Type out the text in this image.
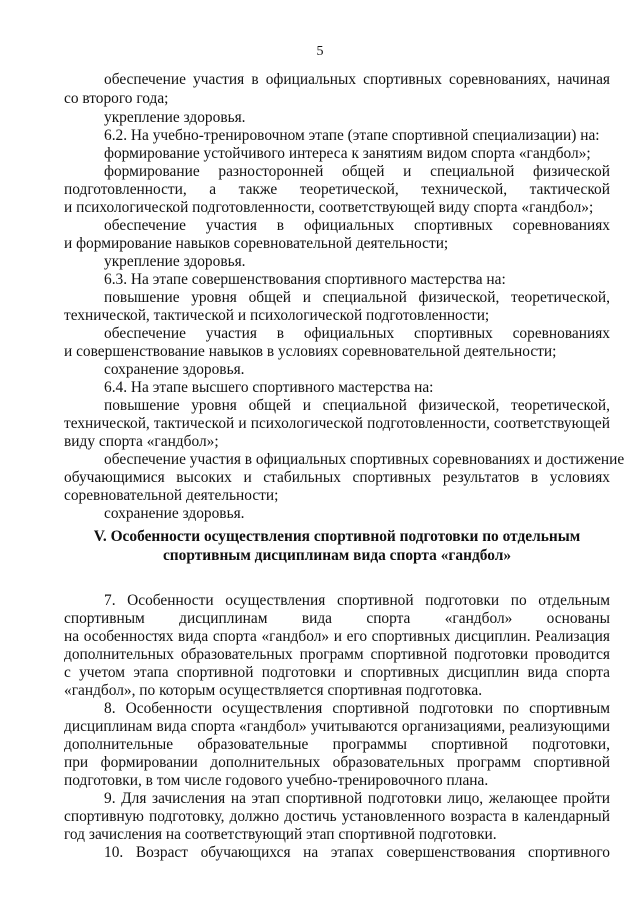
5
обеспечение участия в официальных спортивных соревнованиях, начиная
со второго года;
укрепление здоровья.
6.2. На учебно-тренировочном этапе (этапе спортивной специализации) на:
формирование устойчивого интереса к занятиям видом спорта «гандбол»;
формирование разносторонней общей и специальной физической
подготовленности, а также теоретической, технической, тактической
и психологической подготовленности, соответствующей виду спорта «гандбол»;
обеспечение участия в официальных спортивных соревнованиях
и формирование навыков соревновательной деятельности;
укрепление здоровья.
6.3. На этапе совершенствования спортивного мастерства на:
повышение уровня общей и специальной физической, теоретической,
технической, тактической и психологической подготовленности;
обеспечение участия в официальных спортивных соревнованиях
и совершенствование навыков в условиях соревновательной деятельности;
сохранение здоровья.
6.4. На этапе высшего спортивного мастерства на:
повышение уровня общей и специальной физической, теоретической,
технической, тактической и психологической подготовленности, соответствующей
виду спорта «гандбол»;
обеспечение участия в официальных спортивных соревнованиях и достижение
обучающимися высоких и стабильных спортивных результатов в условиях
соревновательной деятельности;
сохранение здоровья.
7. Особенности осуществления спортивной подготовки по отдельным
спортивным дисциплинам вида спорта «гандбол» основаны
на особенностях вида спорта «гандбол» и его спортивных дисциплин. Реализация
дополнительных образовательных программ спортивной подготовки проводится
с учетом этапа спортивной подготовки и спортивных дисциплин вида спорта
«гандбол», по которым осуществляется спортивная подготовка.
8. Особенности осуществления спортивной подготовки по спортивным
дисциплинам вида спорта «гандбол» учитываются организациями, реализующими
дополнительные образовательные программы спортивной подготовки,
при формировании дополнительных образовательных программ спортивной
подготовки, в том числе годового учебно-тренировочного плана.
9. Для зачисления на этап спортивной подготовки лицо, желающее пройти
спортивную подготовку, должно достичь установленного возраста в календарный
год зачисления на соответствующий этап спортивной подготовки.
10. Возраст обучающихся на этапах совершенствования спортивного
V. Особенности осуществления спортивной подготовки по отдельным
спортивным дисциплинам вида спорта «гандбол»
